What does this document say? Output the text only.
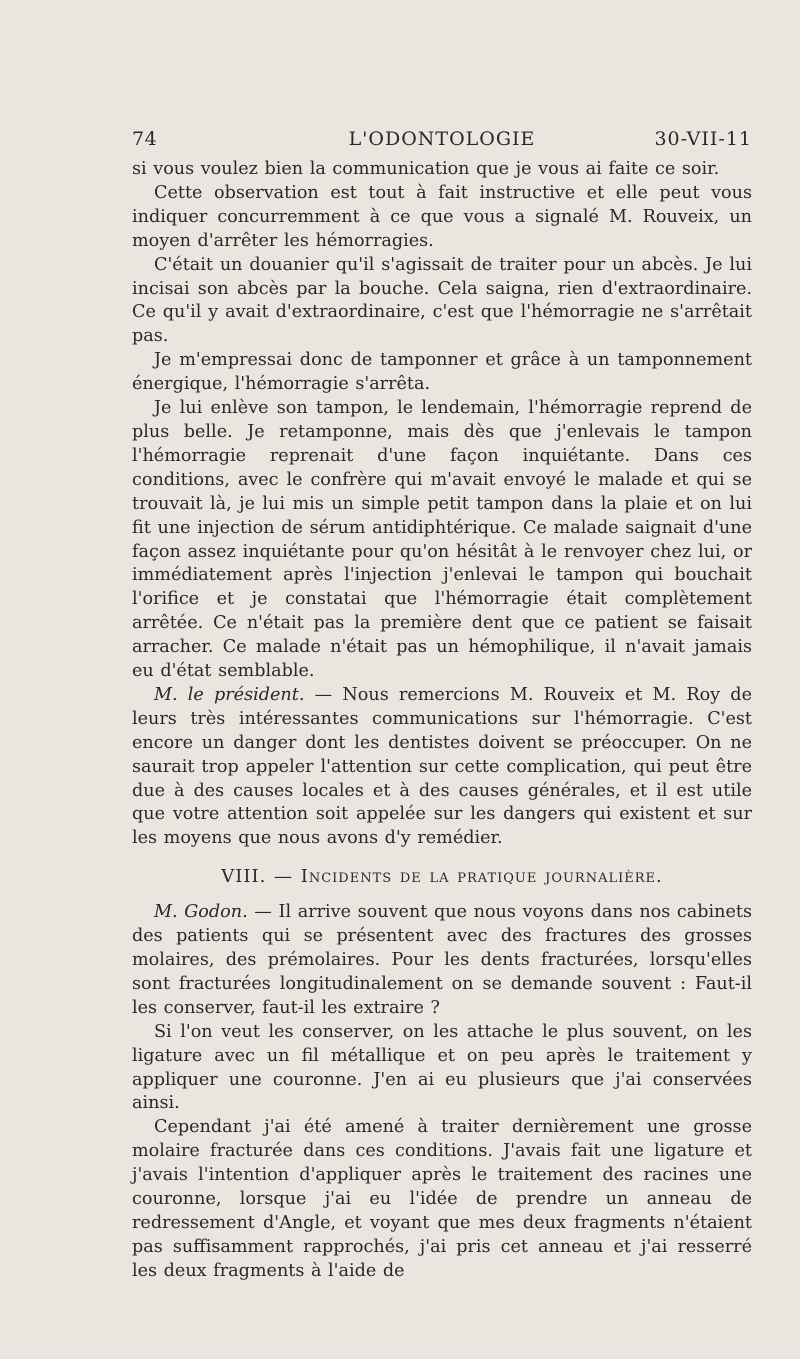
74	L'ODONTOLOGIE	30-VII-11

si vous voulez bien la communication que je vous ai faite ce soir.

Cette observation est tout à fait instructive et elle peut vous indiquer concurremment à ce que vous a signalé M. Rouveix, un moyen d'arrêter les hémorragies.

C'était un douanier qu'il s'agissait de traiter pour un abcès. Je lui incisai son abcès par la bouche. Cela saigna, rien d'extraordinaire. Ce qu'il y avait d'extraordinaire, c'est que l'hémorragie ne s'arrêtait pas.

Je m'empressai donc de tamponner et grâce à un tamponnement énergique, l'hémorragie s'arrêta.

Je lui enlève son tampon, le lendemain, l'hémorragie reprend de plus belle. Je retamponne, mais dès que j'enlevais le tampon l'hémorragie reprenait d'une façon inquiétante. Dans ces conditions, avec le confrère qui m'avait envoyé le malade et qui se trouvait là, je lui mis un simple petit tampon dans la plaie et on lui fit une injection de sérum antidiphtérique. Ce malade saignait d'une façon assez inquiétante pour qu'on hésitât à le renvoyer chez lui, or immédiatement après l'injection j'enlevai le tampon qui bouchait l'orifice et je constatai que l'hémorragie était complètement arrêtée. Ce n'était pas la première dent que ce patient se faisait arracher. Ce malade n'était pas un hémophilique, il n'avait jamais eu d'état semblable.

M. le président. — Nous remercions M. Rouveix et M. Roy de leurs très intéressantes communications sur l'hémorragie. C'est encore un danger dont les dentistes doivent se préoccuper. On ne saurait trop appeler l'attention sur cette complication, qui peut être due à des causes locales et à des causes générales, et il est utile que votre attention soit appelée sur les dangers qui existent et sur les moyens que nous avons d'y remédier.

VIII. — Incidents de la pratique journalière.

M. Godon. — Il arrive souvent que nous voyons dans nos cabinets des patients qui se présentent avec des fractures des grosses molaires, des prémolaires. Pour les dents fracturées, lorsqu'elles sont fracturées longitudinalement on se demande souvent : Faut-il les conserver, faut-il les extraire ?

Si l'on veut les conserver, on les attache le plus souvent, on les ligature avec un fil métallique et on peu après le traitement y appliquer une couronne. J'en ai eu plusieurs que j'ai conservées ainsi.

Cependant j'ai été amené à traiter dernièrement une grosse molaire fracturée dans ces conditions. J'avais fait une ligature et j'avais l'intention d'appliquer après le traitement des racines une couronne, lorsque j'ai eu l'idée de prendre un anneau de redressement d'Angle, et voyant que mes deux fragments n'étaient pas suffisamment rapprochés, j'ai pris cet anneau et j'ai resserré les deux fragments à l'aide de
